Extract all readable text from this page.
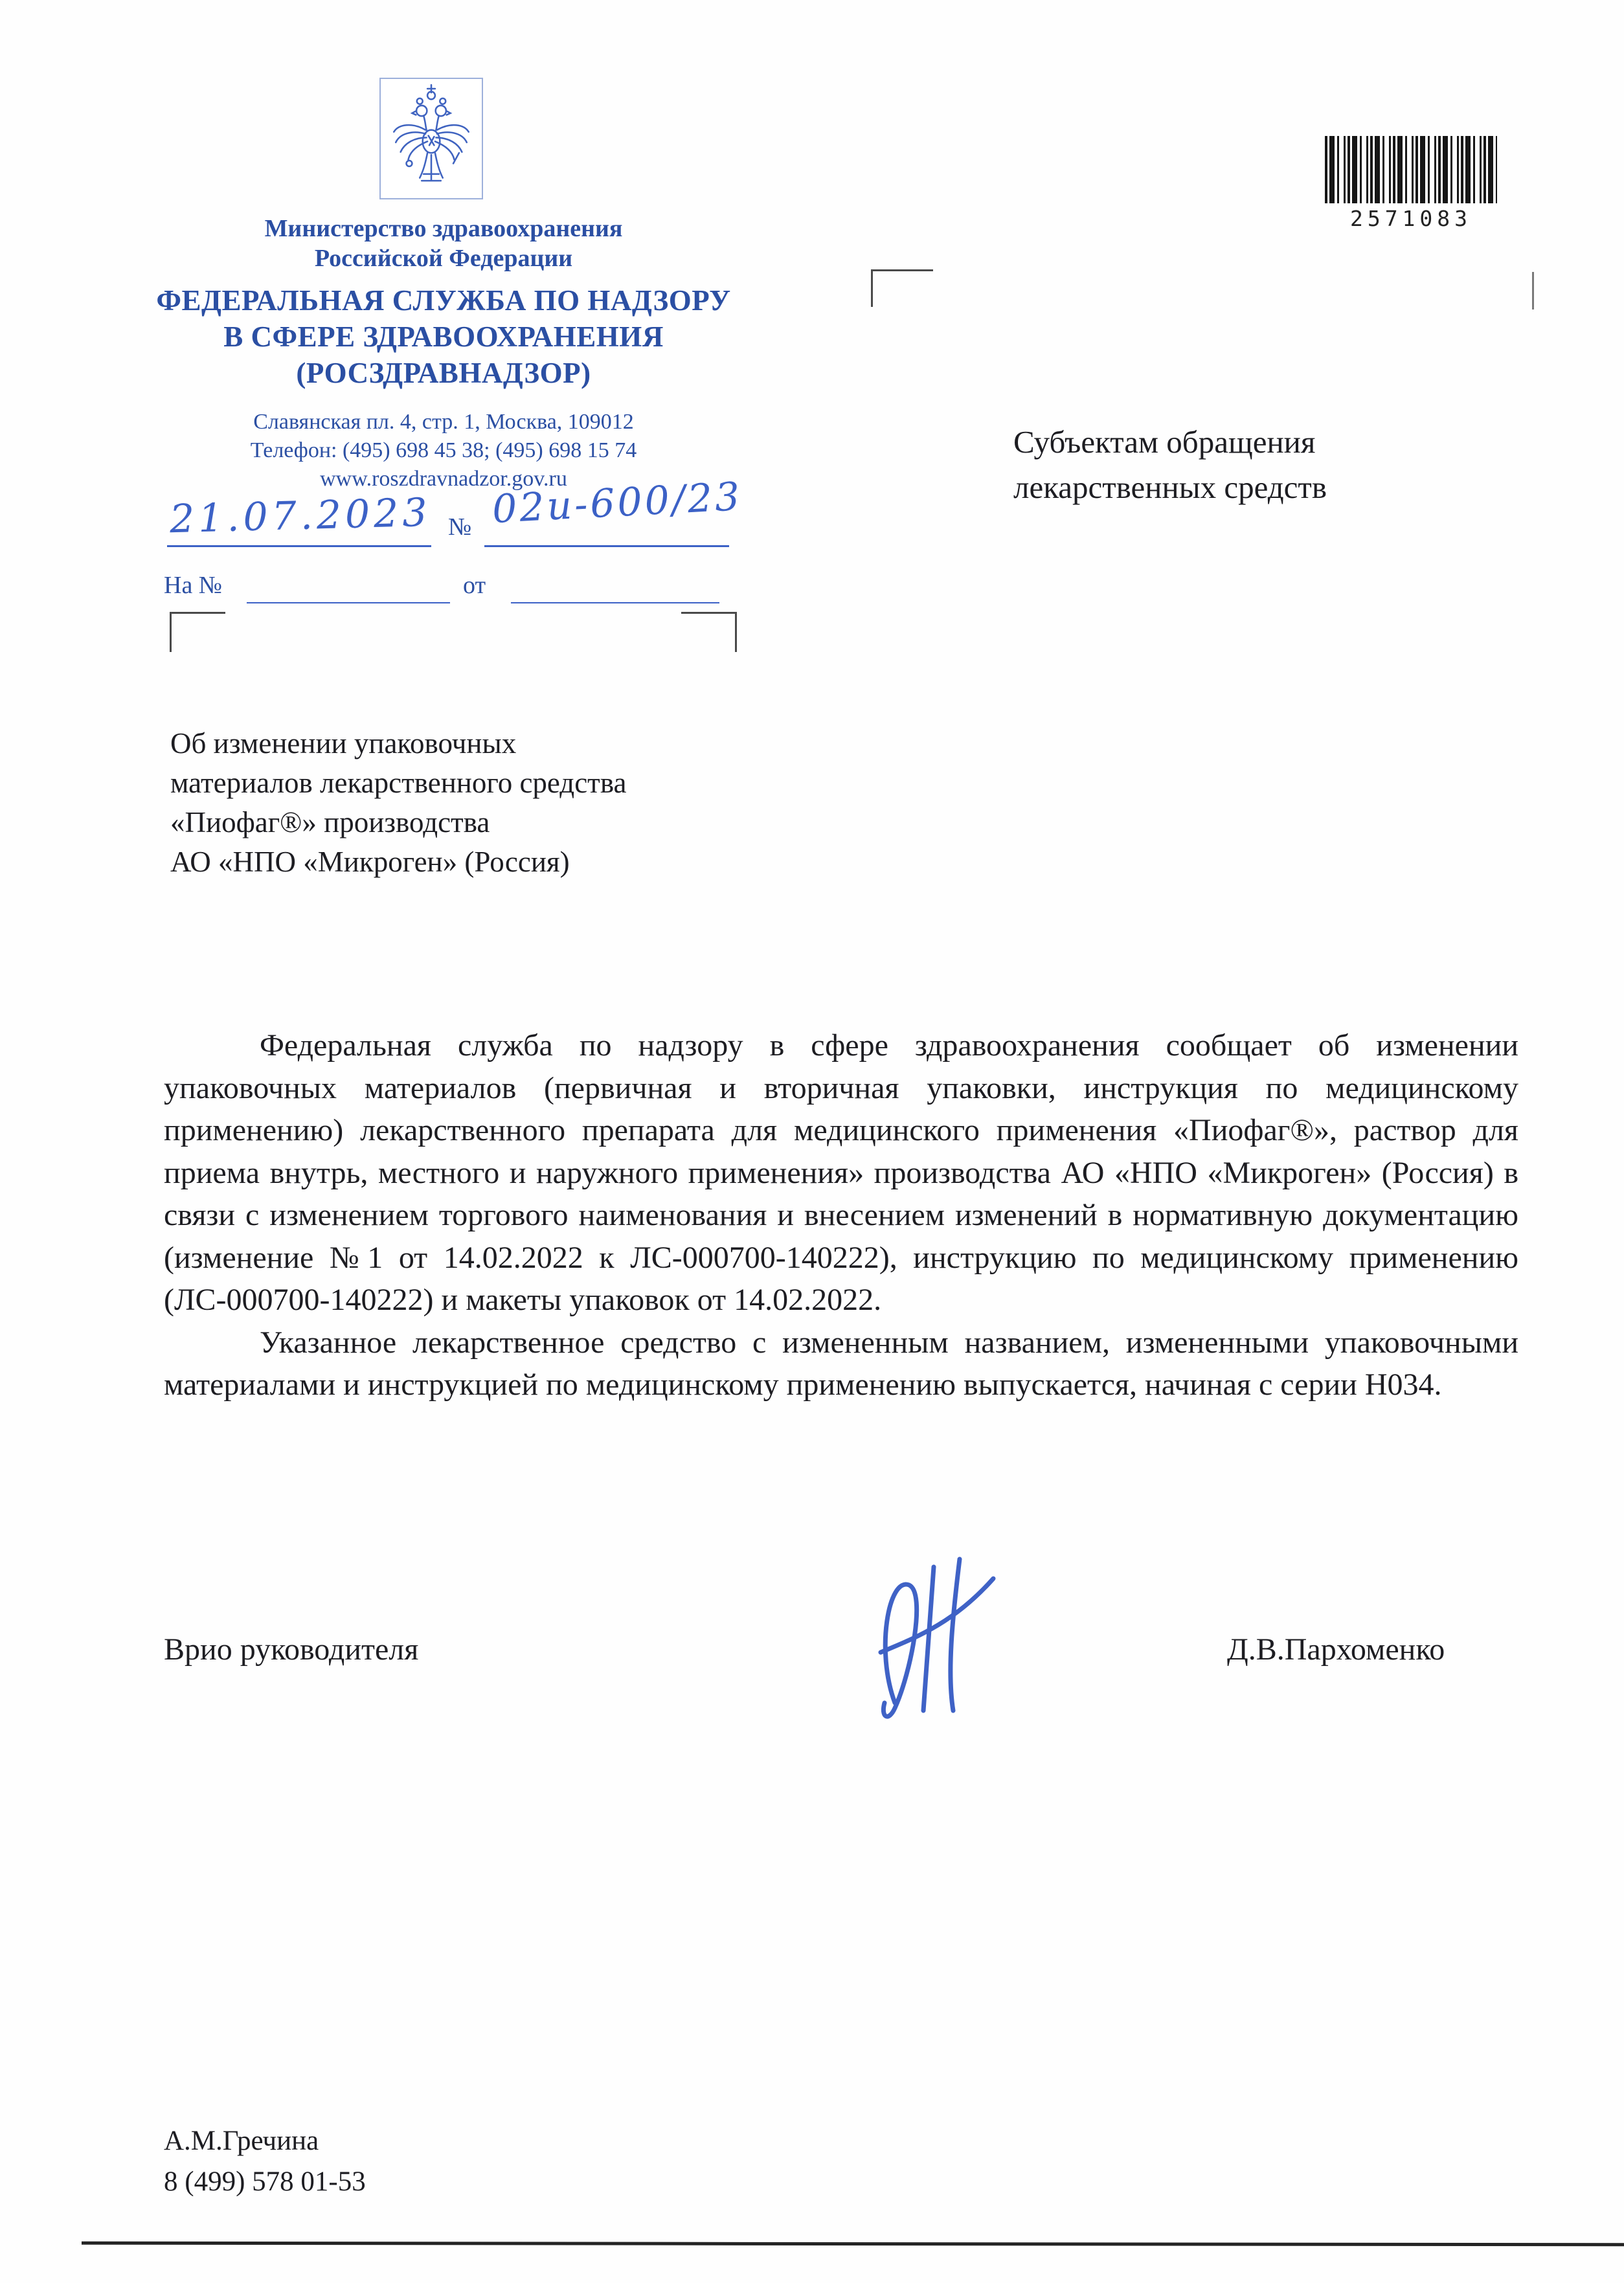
Министерство здравоохранения
Российской Федерации
ФЕДЕРАЛЬНАЯ СЛУЖБА ПО НАДЗОРУ
В СФЕРЕ ЗДРАВООХРАНЕНИЯ
(РОСЗДРАВНАДЗОР)
Славянская пл. 4, стр. 1, Москва, 109012
Телефон: (495) 698 45 38; (495) 698 15 74
www.roszdravnadzor.gov.ru
2571083
Субъектам обращения
лекарственных средств
21.07.2023 № 02и-600/23
На №	от
Об изменении упаковочных
материалов лекарственного средства
«Пиофаг®» производства
АО «НПО «Микроген» (Россия)

Федеральная служба по надзору в сфере здравоохранения сообщает об изменении упаковочных материалов (первичная и вторичная упаковки, инструкция по медицинскому применению) лекарственного препарата для медицинского применения «Пиофаг®», раствор для приема внутрь, местного и наружного применения» производства АО «НПО «Микроген» (Россия) в связи с изменением торгового наименования и внесением изменений в нормативную документацию (изменение №1 от 14.02.2022 к ЛС-000700-140222), инструкцию по медицинскому применению (ЛС-000700-140222) и макеты упаковок от 14.02.2022.

Указанное лекарственное средство с измененным названием, измененными упаковочными материалами и инструкцией по медицинскому применению выпускается, начиная с серии Н034.

Врио руководителя	Д.В.Пархоменко
А.М.Гречина
8 (499) 578 01-53
